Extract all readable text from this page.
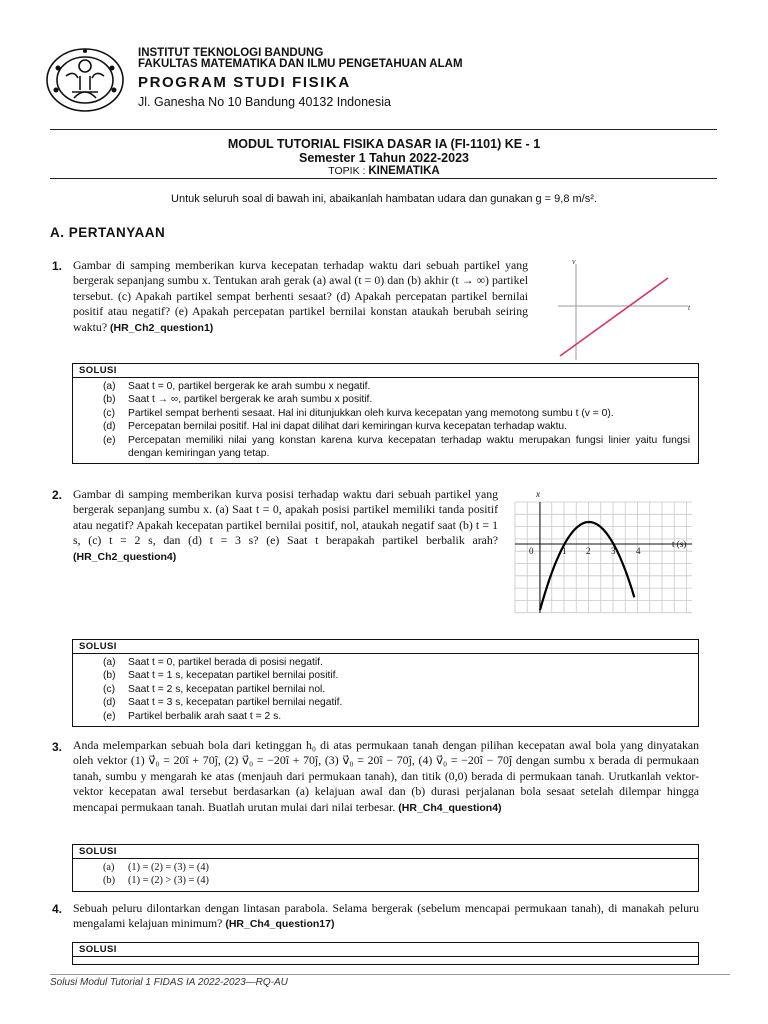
INSTITUT TEKNOLOGI BANDUNG
FAKULTAS MATEMATIKA DAN ILMU PENGETAHUAN ALAM
PROGRAM STUDI FISIKA
Jl. Ganesha No 10 Bandung 40132 Indonesia
MODUL TUTORIAL FISIKA DASAR IA (FI-1101) KE - 1
Semester 1 Tahun 2022-2023
TOPIK : KINEMATIKA
Untuk seluruh soal di bawah ini, abaikanlah hambatan udara dan gunakan g = 9,8 m/s².
A. PERTANYAAN
1. Gambar di samping memberikan kurva kecepatan terhadap waktu dari sebuah partikel yang bergerak sepanjang sumbu x. Tentukan arah gerak (a) awal (t = 0) dan (b) akhir (t → ∞) partikel tersebut. (c) Apakah partikel sempat berhenti sesaat? (d) Apakah percepatan partikel bernilai positif atau negatif? (e) Apakah percepatan partikel bernilai konstan ataukah berubah seiring waktu? (HR_Ch2_question1)
v
t
SOLUSI
(a) Saat t = 0, partikel bergerak ke arah sumbu x negatif.
(b) Saat t → ∞, partikel bergerak ke arah sumbu x positif.
(c) Partikel sempat berhenti sesaat. Hal ini ditunjukkan oleh kurva kecepatan yang memotong sumbu t (v = 0).
(d) Percepatan bernilai positif. Hal ini dapat dilihat dari kemiringan kurva kecepatan terhadap waktu.
(e) Percepatan memiliki nilai yang konstan karena kurva kecepatan terhadap waktu merupakan fungsi linier yaitu fungsi dengan kemiringan yang tetap.
2. Gambar di samping memberikan kurva posisi terhadap waktu dari sebuah partikel yang bergerak sepanjang sumbu x. (a) Saat t = 0, apakah posisi partikel memiliki tanda positif atau negatif? Apakah kecepatan partikel bernilai positif, nol, ataukah negatif saat (b) t = 1 s, (c) t = 2 s, dan (d) t = 3 s? (e) Saat t berapakah partikel berbalik arah? (HR_Ch2_question4)
x
t (s)
0	1 2 3 4
SOLUSI
(a) Saat t = 0, partikel berada di posisi negatif.
(b) Saat t = 1 s, kecepatan partikel bernilai positif.
(c) Saat t = 2 s, kecepatan partikel bernilai nol.
(d) Saat t = 3 s, kecepatan partikel bernilai negatif.
(e) Partikel berbalik arah saat t = 2 s.
3. Anda melemparkan sebuah bola dari ketinggan h₀ di atas permukaan tanah dengan pilihan kecepatan awal bola yang dinyatakan oleh vektor (1) v⃗₀ = 20î + 70ĵ, (2) v⃗₀ = −20î + 70ĵ, (3) v⃗₀ = 20î − 70ĵ, (4) v⃗₀ = −20î − 70ĵ dengan sumbu x berada di permukaan tanah, sumbu y mengarah ke atas (menjauh dari permukaan tanah), dan titik (0,0) berada di permukaan tanah. Urutkanlah vektor-vektor kecepatan awal tersebut berdasarkan (a) kelajuan awal dan (b) durasi perjalanan bola sesaat setelah dilempar hingga mencapai permukaan tanah. Buatlah urutan mulai dari nilai terbesar. (HR_Ch4_question4)
SOLUSI
(a) (1) = (2) = (3) = (4)
(b) (1) = (2) > (3) = (4)
4. Sebuah peluru dilontarkan dengan lintasan parabola. Selama bergerak (sebelum mencapai permukaan tanah), di manakah peluru mengalami kelajuan minimum? (HR_Ch4_question17)
SOLUSI
Solusi Modul Tutorial 1 FIDAS IA 2022-2023—RQ-AU
